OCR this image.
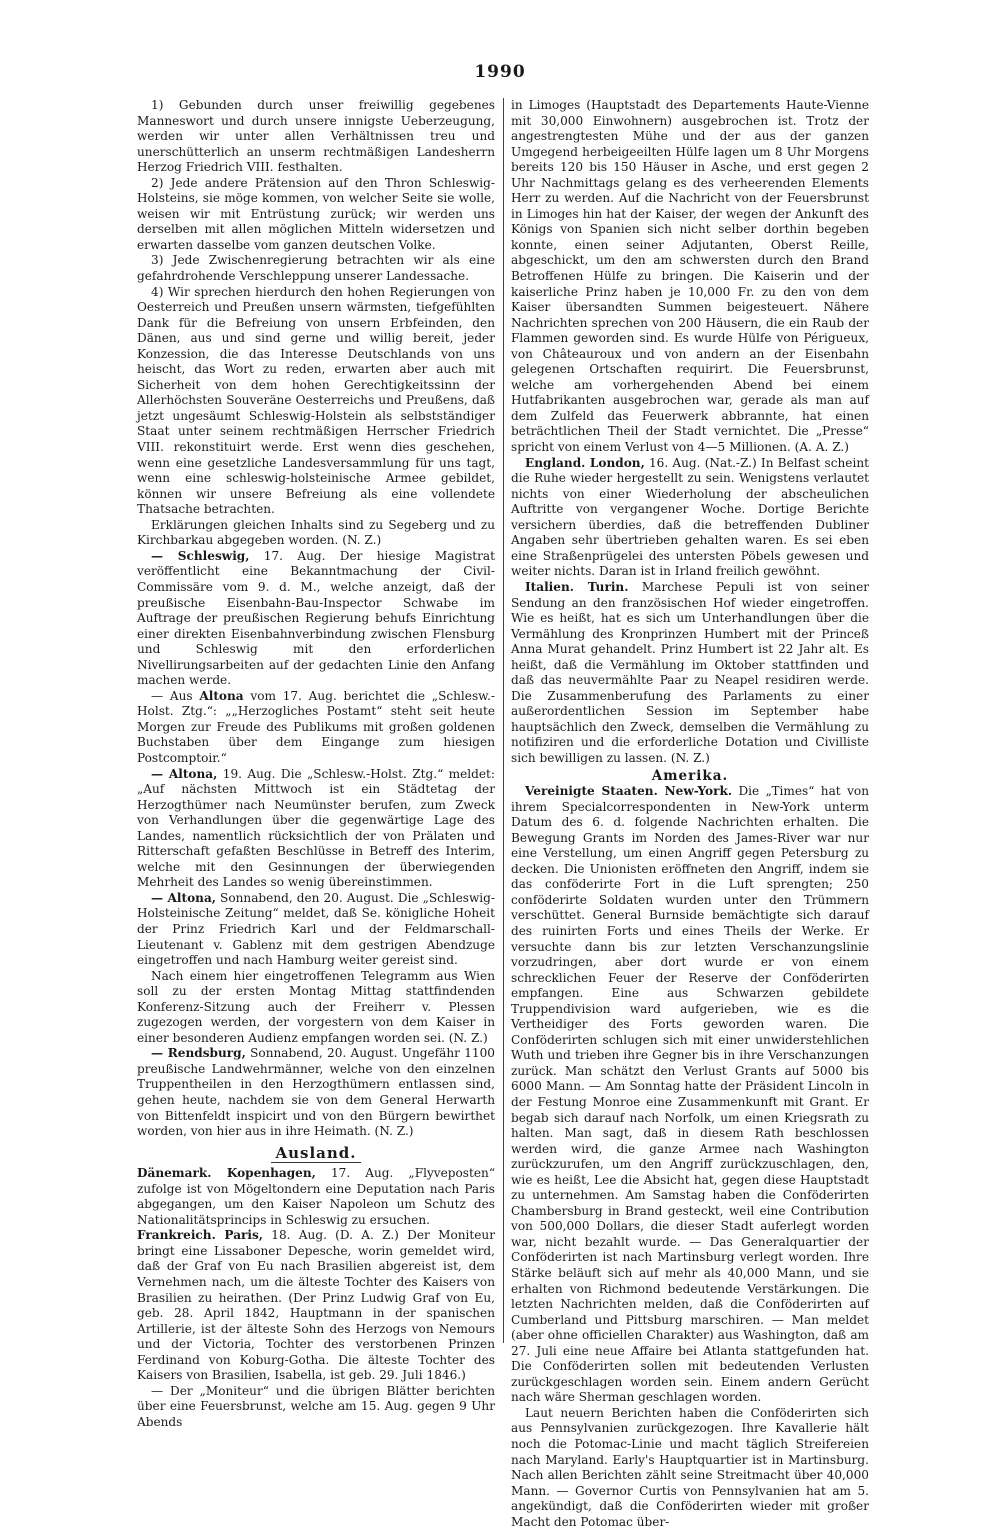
1990

1) Gebunden durch unser freiwillig gegebenes Manneswort und durch unsere innigste Ueberzeugung, werden wir unter allen Verhältnissen treu und unerschütterlich an unserm rechtmäßigen Landesherrn Herzog Friedrich VIII. festhalten.

2) Jede andere Prätension auf den Thron Schleswig-Holsteins, sie möge kommen, von welcher Seite sie wolle, weisen wir mit Entrüstung zurück; wir werden uns derselben mit allen möglichen Mitteln widersetzen und erwarten dasselbe vom ganzen deutschen Volke.

3) Jede Zwischenregierung betrachten wir als eine gefahrdrohende Verschleppung unserer Landessache.

4) Wir sprechen hierdurch den hohen Regierungen von Oesterreich und Preußen unsern wärmsten, tiefgefühlten Dank für die Befreiung von unsern Erbfeinden, den Dänen, aus und sind gerne und willig bereit, jeder Konzession, die das Interesse Deutschlands von uns heischt, das Wort zu reden, erwarten aber auch mit Sicherheit von dem hohen Gerechtigkeitssinn der Allerhöchsten Souveräne Oesterreichs und Preußens, daß jetzt ungesäumt Schleswig-Holstein als selbstständiger Staat unter seinem rechtmäßigen Herrscher Friedrich VIII. rekonstituirt werde. Erst wenn dies geschehen, wenn eine gesetzliche Landesversammlung für uns tagt, wenn eine schleswig-holsteinische Armee gebildet, können wir unsere Befreiung als eine vollendete Thatsache betrachten.

Erklärungen gleichen Inhalts sind zu Segeberg und zu Kirchbarkau abgegeben worden. (N. Z.)

— Schleswig, 17. Aug. Der hiesige Magistrat veröffentlicht eine Bekanntmachung der Civil-Commissäre vom 9. d. M., welche anzeigt, daß der preußische Eisenbahn-Bau-Inspector Schwabe im Auftrage der preußischen Regierung behufs Einrichtung einer direkten Eisenbahnverbindung zwischen Flensburg und Schleswig mit den erforderlichen Nivellirungsarbeiten auf der gedachten Linie den Anfang machen werde.

— Aus Altona vom 17. Aug. berichtet die „Schlesw.-Holst. Ztg.“: „„Herzogliches Postamt“ steht seit heute Morgen zur Freude des Publikums mit großen goldenen Buchstaben über dem Eingange zum hiesigen Postcomptoir.“

— Altona, 19. Aug. Die „Schlesw.-Holst. Ztg.“ meldet: „Auf nächsten Mittwoch ist ein Städtetag der Herzogthümer nach Neumünster berufen, zum Zweck von Verhandlungen über die gegenwärtige Lage des Landes, namentlich rücksichtlich der von Prälaten und Ritterschaft gefaßten Beschlüsse in Betreff des Interim, welche mit den Gesinnungen der überwiegenden Mehrheit des Landes so wenig übereinstimmen.

— Altona, Sonnabend, den 20. August. Die „Schleswig-Holsteinische Zeitung“ meldet, daß Se. königliche Hoheit der Prinz Friedrich Karl und der Feldmarschall-Lieutenant v. Gablenz mit dem gestrigen Abendzuge eingetroffen und nach Hamburg weiter gereist sind.

Nach einem hier eingetroffenen Telegramm aus Wien soll zu der ersten Montag Mittag stattfindenden Konferenz-Sitzung auch der Freiherr v. Plessen zugezogen werden, der vorgestern von dem Kaiser in einer besonderen Audienz empfangen worden sei. (N. Z.)

— Rendsburg, Sonnabend, 20. August. Ungefähr 1100 preußische Landwehrmänner, welche von den einzelnen Truppentheilen in den Herzogthümern entlassen sind, gehen heute, nachdem sie von dem General Herwarth von Bittenfeldt inspicirt und von den Bürgern bewirthet worden, von hier aus in ihre Heimath. (N. Z.)

Ausland.

Dänemark. Kopenhagen, 17. Aug. „Flyveposten“ zufolge ist von Mögeltondern eine Deputation nach Paris abgegangen, um den Kaiser Napoleon um Schutz des Nationalitätsprincips in Schleswig zu ersuchen.

Frankreich. Paris, 18. Aug. (D. A. Z.) Der Moniteur bringt eine Lissaboner Depesche, worin gemeldet wird, daß der Graf von Eu nach Brasilien abgereist ist, dem Vernehmen nach, um die älteste Tochter des Kaisers von Brasilien zu heirathen. (Der Prinz Ludwig Graf von Eu, geb. 28. April 1842, Hauptmann in der spanischen Artillerie, ist der älteste Sohn des Herzogs von Nemours und der Victoria, Tochter des verstorbenen Prinzen Ferdinand von Koburg-Gotha. Die älteste Tochter des Kaisers von Brasilien, Isabella, ist geb. 29. Juli 1846.)

— Der „Moniteur“ und die übrigen Blätter berichten über eine Feuersbrunst, welche am 15. Aug. gegen 9 Uhr Abends

in Limoges (Hauptstadt des Departements Haute-Vienne mit 30,000 Einwohnern) ausgebrochen ist. Trotz der angestrengtesten Mühe und der aus der ganzen Umgegend herbeigeeilten Hülfe lagen um 8 Uhr Morgens bereits 120 bis 150 Häuser in Asche, und erst gegen 2 Uhr Nachmittags gelang es des verheerenden Elements Herr zu werden. Auf die Nachricht von der Feuersbrunst in Limoges hin hat der Kaiser, der wegen der Ankunft des Königs von Spanien sich nicht selber dorthin begeben konnte, einen seiner Adjutanten, Oberst Reille, abgeschickt, um den am schwersten durch den Brand Betroffenen Hülfe zu bringen. Die Kaiserin und der kaiserliche Prinz haben je 10,000 Fr. zu den von dem Kaiser übersandten Summen beigesteuert. Nähere Nachrichten sprechen von 200 Häusern, die ein Raub der Flammen geworden sind. Es wurde Hülfe von Périgueux, von Châteauroux und von andern an der Eisenbahn gelegenen Ortschaften requirirt. Die Feuersbrunst, welche am vorhergehenden Abend bei einem Hutfabrikanten ausgebrochen war, gerade als man auf dem Zulfeld das Feuerwerk abbrannte, hat einen beträchtlichen Theil der Stadt vernichtet. Die „Presse“ spricht von einem Verlust von 4—5 Millionen. (A. A. Z.)

England. London, 16. Aug. (Nat.-Z.) In Belfast scheint die Ruhe wieder hergestellt zu sein. Wenigstens verlautet nichts von einer Wiederholung der abscheulichen Auftritte von vergangener Woche. Dortige Berichte versichern überdies, daß die betreffenden Dubliner Angaben sehr übertrieben gehalten waren. Es sei eben eine Straßenprügelei des untersten Pöbels gewesen und weiter nichts. Daran ist in Irland freilich gewöhnt.

Italien. Turin. Marchese Pepuli ist von seiner Sendung an den französischen Hof wieder eingetroffen. Wie es heißt, hat es sich um Unterhandlungen über die Vermählung des Kronprinzen Humbert mit der Princeß Anna Murat gehandelt. Prinz Humbert ist 22 Jahr alt. Es heißt, daß die Vermählung im Oktober stattfinden und daß das neuvermählte Paar zu Neapel residiren werde. Die Zusammenberufung des Parlaments zu einer außerordentlichen Session im September habe hauptsächlich den Zweck, demselben die Vermählung zu notifiziren und die erforderliche Dotation und Civilliste sich bewilligen zu lassen. (N. Z.)

Amerika.

Vereinigte Staaten. New-York. Die „Times“ hat von ihrem Specialcorrespondenten in New-York unterm Datum des 6. d. folgende Nachrichten erhalten. Die Bewegung Grants im Norden des James-River war nur eine Verstellung, um einen Angriff gegen Petersburg zu decken. Die Unionisten eröffneten den Angriff, indem sie das conföderirte Fort in die Luft sprengten; 250 conföderirte Soldaten wurden unter den Trümmern verschüttet. General Burnside bemächtigte sich darauf des ruinirten Forts und eines Theils der Werke. Er versuchte dann bis zur letzten Verschanzungslinie vorzudringen, aber dort wurde er von einem schrecklichen Feuer der Reserve der Conföderirten empfangen. Eine aus Schwarzen gebildete Truppendivision ward aufgerieben, wie es die Vertheidiger des Forts geworden waren. Die Conföderirten schlugen sich mit einer unwiderstehlichen Wuth und trieben ihre Gegner bis in ihre Verschanzungen zurück. Man schätzt den Verlust Grants auf 5000 bis 6000 Mann. — Am Sonntag hatte der Präsident Lincoln in der Festung Monroe eine Zusammenkunft mit Grant. Er begab sich darauf nach Norfolk, um einen Kriegsrath zu halten. Man sagt, daß in diesem Rath beschlossen werden wird, die ganze Armee nach Washington zurückzurufen, um den Angriff zurückzuschlagen, den, wie es heißt, Lee die Absicht hat, gegen diese Hauptstadt zu unternehmen. Am Samstag haben die Conföderirten Chambersburg in Brand gesteckt, weil eine Contribution von 500,000 Dollars, die dieser Stadt auferlegt worden war, nicht bezahlt wurde. — Das Generalquartier der Conföderirten ist nach Martinsburg verlegt worden. Ihre Stärke beläuft sich auf mehr als 40,000 Mann, und sie erhalten von Richmond bedeutende Verstärkungen. Die letzten Nachrichten melden, daß die Conföderirten auf Cumberland und Pittsburg marschiren. — Man meldet (aber ohne officiellen Charakter) aus Washington, daß am 27. Juli eine neue Affaire bei Atlanta stattgefunden hat. Die Conföderirten sollen mit bedeutenden Verlusten zurückgeschlagen worden sein. Einem andern Gerücht nach wäre Sherman geschlagen worden.

Laut neuern Berichten haben die Conföderirten sich aus Pennsylvanien zurückgezogen. Ihre Kavallerie hält noch die Potomac-Linie und macht täglich Streifereien nach Maryland. Early's Hauptquartier ist in Martinsburg. Nach allen Berichten zählt seine Streitmacht über 40,000 Mann. — Governor Curtis von Pennsylvanien hat am 5. angekündigt, daß die Conföderirten wieder mit großer Macht den Potomac über-
